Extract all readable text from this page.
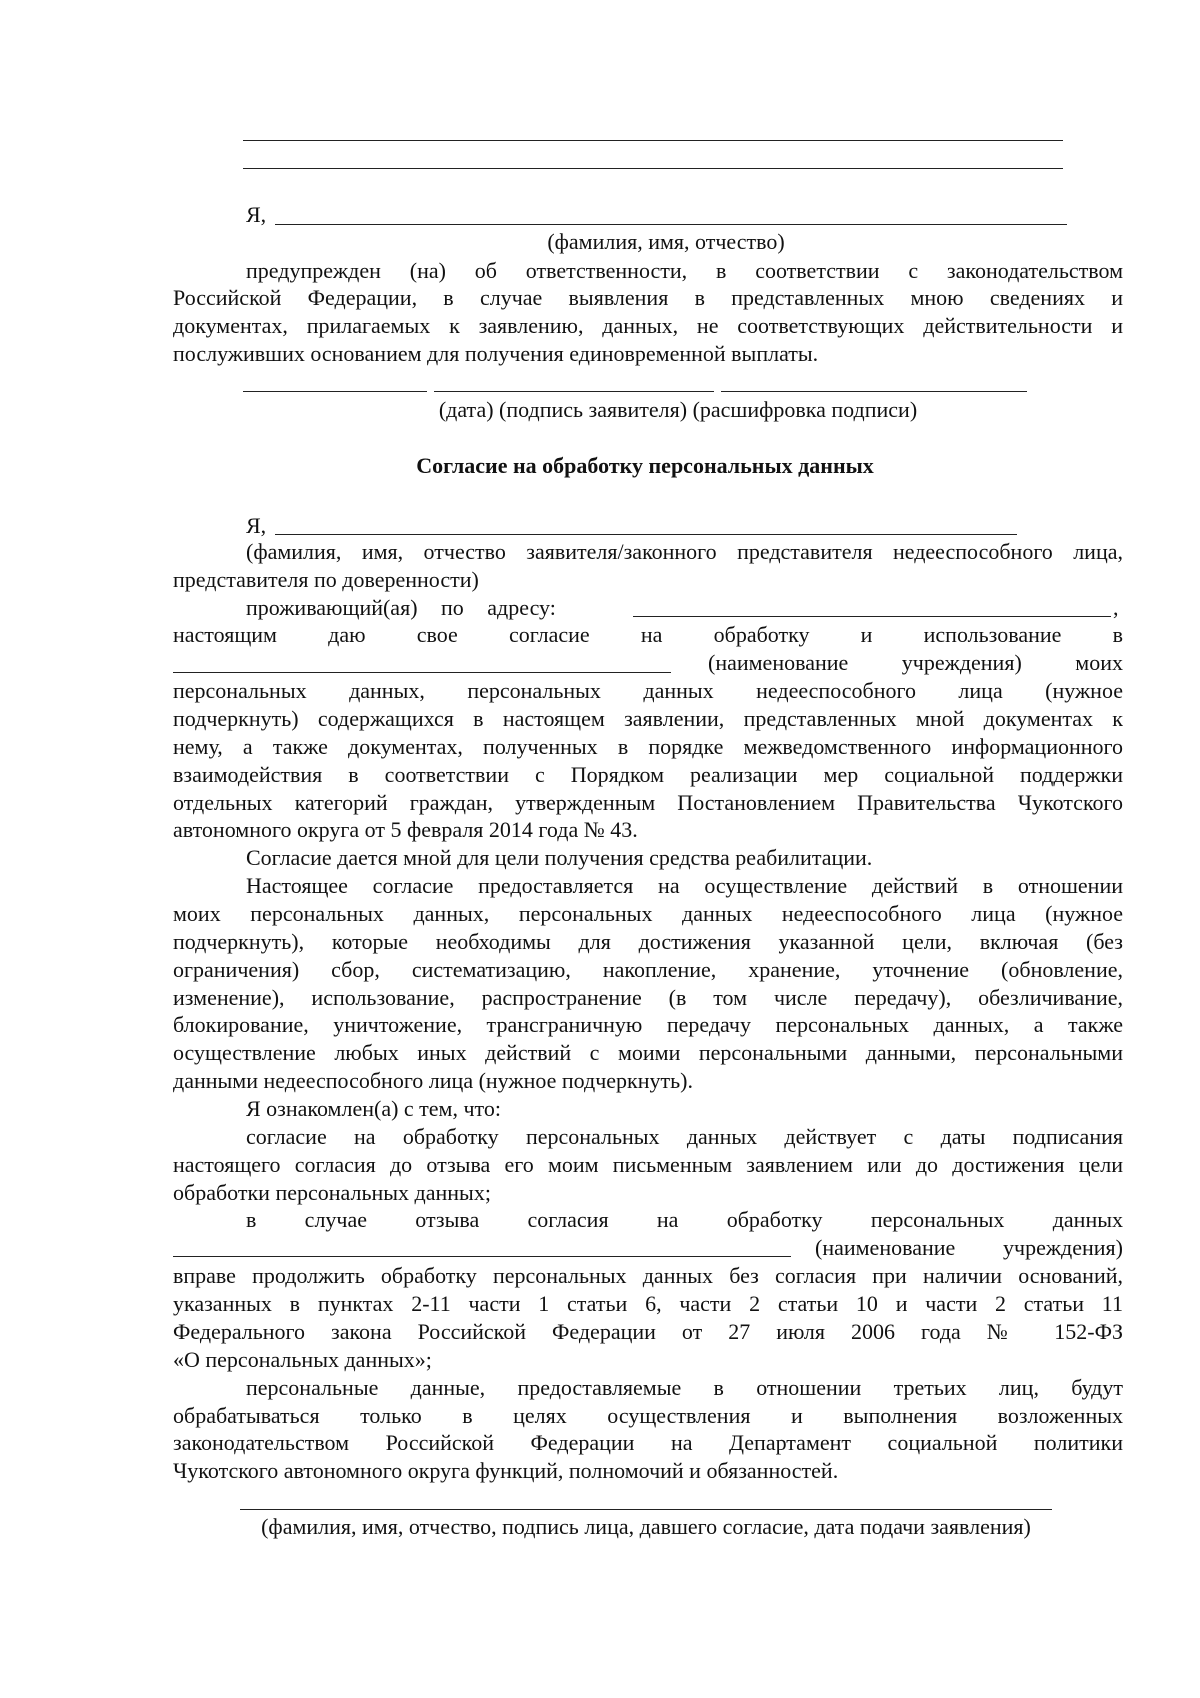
Я,
(фамилия, имя, отчество)
предупрежден (на) об ответственности, в соответствии с законодательством
Российской Федерации, в случае выявления в представленных мною сведениях и
документах, прилагаемых к заявлению, данных, не соответствующих действительности и
послуживших основанием для получения единовременной выплаты.
(дата) (подпись заявителя) (расшифровка подписи)
Согласие на обработку персональных данных
Я,
(фамилия, имя, отчество заявителя/законного представителя недееспособного лица,
представителя по доверенности)
проживающий(ая) по адресу:	,
настоящим даю свое согласие на обработку и использование в
(наименование учреждения) моих
персональных данных, персональных данных недееспособного лица (нужное
подчеркнуть) содержащихся в настоящем заявлении, представленных мной документах к
нему, а также документах, полученных в порядке межведомственного информационного
взаимодействия в соответствии с Порядком реализации мер социальной поддержки
отдельных категорий граждан, утвержденным Постановлением Правительства Чукотского
автономного округа от 5 февраля 2014 года № 43.
Согласие дается мной для цели получения средства реабилитации.
Настоящее согласие предоставляется на осуществление действий в отношении
моих персональных данных, персональных данных недееспособного лица (нужное
подчеркнуть), которые необходимы для достижения указанной цели, включая (без
ограничения) сбор, систематизацию, накопление, хранение, уточнение (обновление,
изменение), использование, распространение (в том числе передачу), обезличивание,
блокирование, уничтожение, трансграничную передачу персональных данных, а также
осуществление любых иных действий с моими персональными данными, персональными
данными недееспособного лица (нужное подчеркнуть).
Я ознакомлен(а) с тем, что:
согласие на обработку персональных данных действует с даты подписания
настоящего согласия до отзыва его моим письменным заявлением или до достижения цели
обработки персональных данных;
в случае отзыва согласия на обработку персональных данных
(наименование учреждения)
вправе продолжить обработку персональных данных без согласия при наличии оснований,
указанных в пунктах 2-11 части 1 статьи 6, части 2 статьи 10 и части 2 статьи 11
Федерального закона Российской Федерации от 27 июля 2006 года № 152-ФЗ
«О персональных данных»;
персональные данные, предоставляемые в отношении третьих лиц, будут
обрабатываться только в целях осуществления и выполнения возложенных
законодательством Российской Федерации на Департамент социальной политики
Чукотского автономного округа функций, полномочий и обязанностей.
(фамилия, имя, отчество, подпись лица, давшего согласие, дата подачи заявления)
